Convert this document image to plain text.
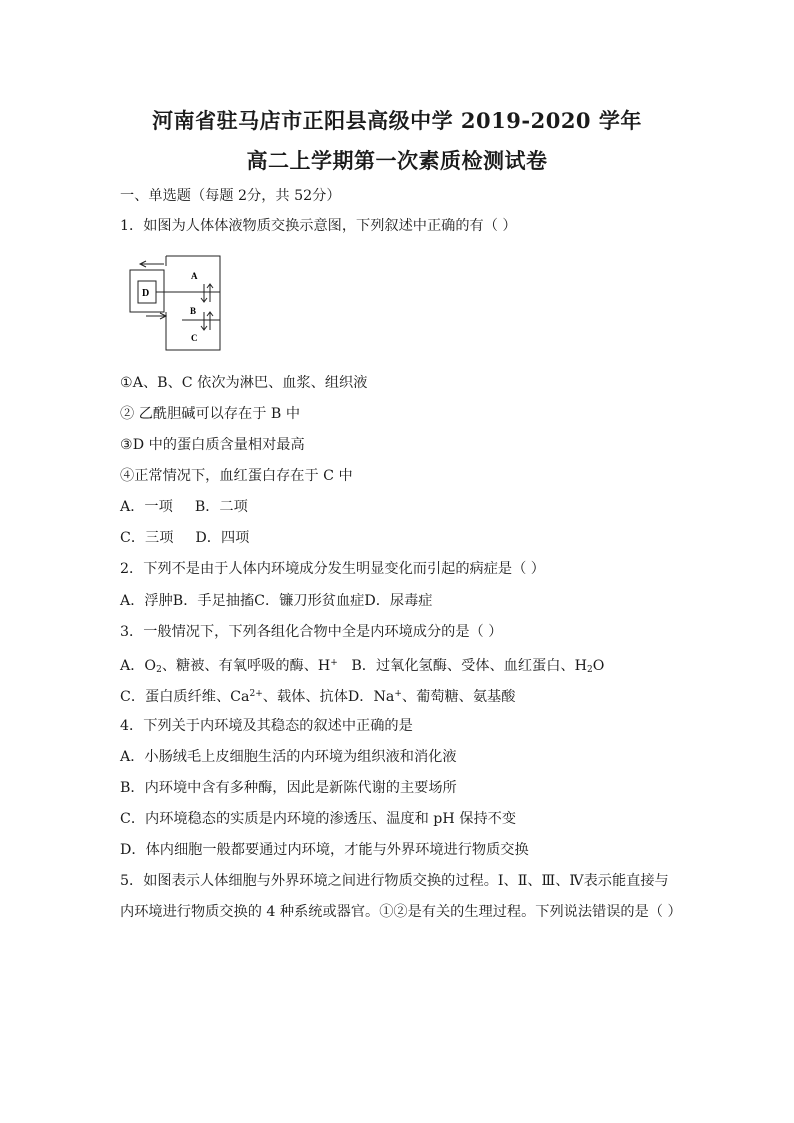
河南省驻马店市正阳县高级中学 2019-2020 学年
高二上学期第一次素质检测试卷
一、单选题（每题 2分，共 52分）
1．如图为人体体液物质交换示意图，下列叙述中正确的有（ ）
A
B
C
D
①A、B、C 依次为淋巴、血浆、组织液
② 乙酰胆碱可以存在于 B 中
③D 中的蛋白质含量相对最高
④正常情况下，血红蛋白存在于 C 中
A．一项 B．二项
C．三项 D．四项
2．下列不是由于人体内环境成分发生明显变化而引起的病症是（ ）
A．浮肿B．手足抽搐C．镰刀形贫血症D．尿毒症
3．一般情况下，下列各组化合物中全是内环境成分的是（ ）
A．$O_2$、糖被、有氧呼吸的酶、H+ B．过氧化氢酶、受体、血红蛋白、$H_2O$
C．蛋白质纤维、$Ca^{2+}$、载体、抗体D．Na+、葡萄糖、氨基酸
4．下列关于内环境及其稳态的叙述中正确的是
A．小肠绒毛上皮细胞生活的内环境为组织液和消化液
B．内环境中含有多种酶，因此是新陈代谢的主要场所
C．内环境稳态的实质是内环境的渗透压、温度和 pH 保持不变
D．体内细胞一般都要通过内环境，才能与外界环境进行物质交换
5．如图表示人体细胞与外界环境之间进行物质交换的过程。Ⅰ、Ⅱ、Ⅲ、Ⅳ表示能直接与内环境进行物质交换的 4 种系统或器官。①②是有关的生理过程。下列说法错误的是（ ）
